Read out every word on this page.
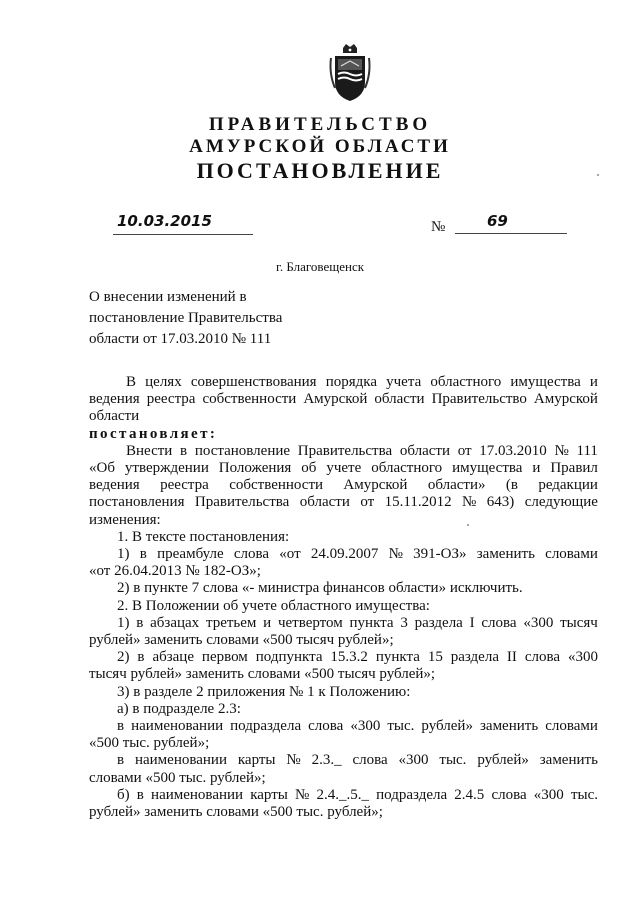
ПРАВИТЕЛЬСТВО
АМУРСКОЙ ОБЛАСТИ
ПОСТАНОВЛЕНИЕ
10.03.2015	№	69
г. Благовещенск
О внесении изменений в
постановление Правительства
области от 17.03.2010 № 111
В целях совершенствования порядка учета областного имущества и
ведения реестра собственности Амурской области Правительство Амурской
области
постановляет:
Внести в постановление Правительства области от 17.03.2010 № 111
«Об утверждении Положения об учете областного имущества и Правил
ведения реестра собственности Амурской области» (в редакции
постановления Правительства области от 15.11.2012 № 643) следующие
изменения:
1. В тексте постановления:
1) в преамбуле слова «от 24.09.2007 № 391-ОЗ» заменить словами
«от 26.04.2013 № 182-ОЗ»;
2) в пункте 7 слова «- министра финансов области» исключить.
2. В Положении об учете областного имущества:
1) в абзацах третьем и четвертом пункта 3 раздела I слова «300 тысяч
рублей» заменить словами «500 тысяч рублей»;
2) в абзаце первом подпункта 15.3.2 пункта 15 раздела II слова «300
тысяч рублей» заменить словами «500 тысяч рублей»;
3) в разделе 2 приложения № 1 к Положению:
а) в подразделе 2.3:
в наименовании подраздела слова «300 тыс. рублей» заменить словами
«500 тыс. рублей»;
в наименовании карты № 2.3._ слова «300 тыс. рублей» заменить
словами «500 тыс. рублей»;
б) в наименовании карты № 2.4._.5._ подраздела 2.4.5 слова «300 тыс.
рублей» заменить словами «500 тыс. рублей»;
